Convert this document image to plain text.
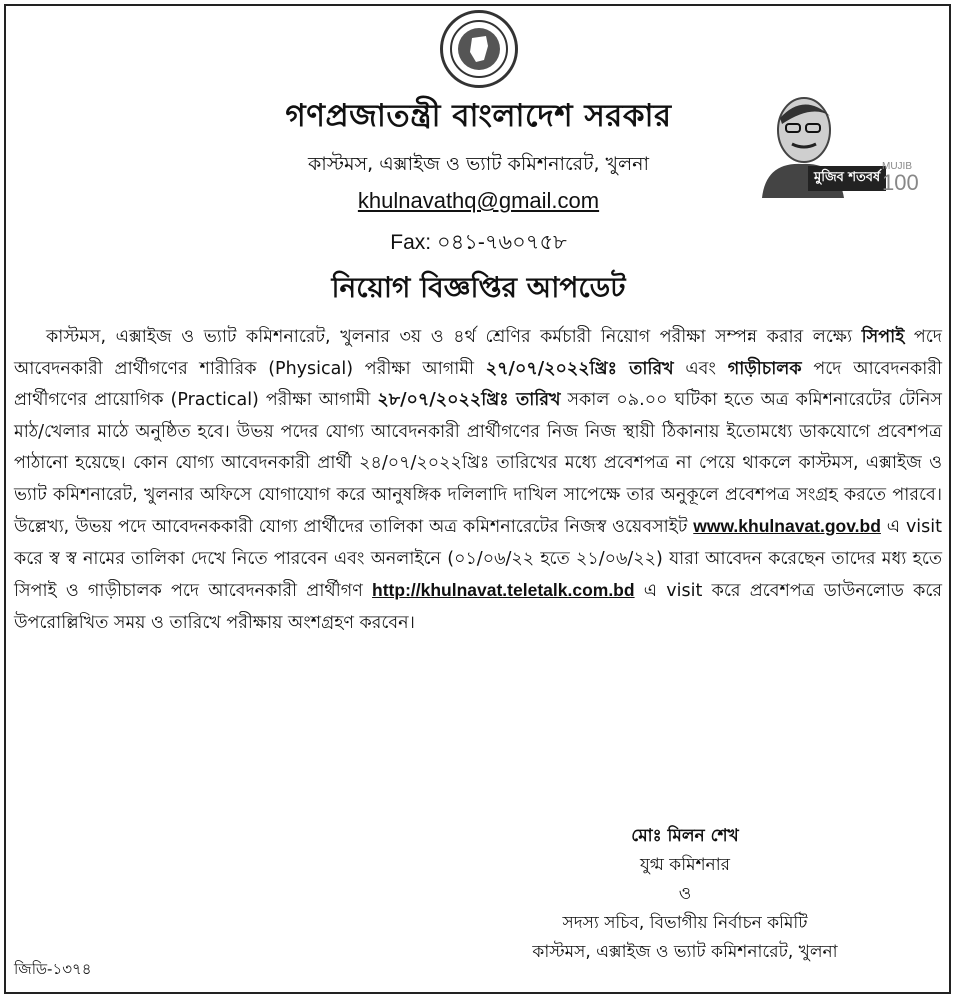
গণপ্রজাতন্ত্রী বাংলাদেশ সরকার
কাস্টমস, এক্সাইজ ও ভ্যাট কমিশনারেট, খুলনা
khulnavathq@gmail.com
Fax: ০৪১-৭৬০৭৫৮
মুজিব শতবর্ষ
MUJIB
100
নিয়োগ বিজ্ঞপ্তির আপডেট

কাস্টমস, এক্সাইজ ও ভ্যাট কমিশনারেট, খুলনার ৩য় ও ৪র্থ শ্রেণির কর্মচারী নিয়োগ পরীক্ষা সম্পন্ন করার লক্ষ্যে সিপাই পদে আবেদনকারী প্রার্থীগণের শারীরিক (Physical) পরীক্ষা আগামী ২৭/০৭/২০২২খ্রিঃ তারিখ এবং গাড়ীচালক পদে আবেদনকারী প্রার্থীগণের প্রায়োগিক (Practical) পরীক্ষা আগামী ২৮/০৭/২০২২খ্রিঃ তারিখ সকাল ০৯.০০ ঘটিকা হতে অত্র কমিশনারেটের টেনিস মাঠ/খেলার মাঠে অনুষ্ঠিত হবে। উভয় পদের যোগ্য আবেদনকারী প্রার্থীগণের নিজ নিজ স্থায়ী ঠিকানায় ইতোমধ্যে ডাকযোগে প্রবেশপত্র পাঠানো হয়েছে। কোন যোগ্য আবেদনকারী প্রার্থী ২৪/০৭/২০২২খ্রিঃ তারিখের মধ্যে প্রবেশপত্র না পেয়ে থাকলে কাস্টমস, এক্সাইজ ও ভ্যাট কমিশনারেট, খুলনার অফিসে যোগাযোগ করে আনুষঙ্গিক দলিলাদি দাখিল সাপেক্ষে তার অনুকূলে প্রবেশপত্র সংগ্রহ করতে পারবে। উল্লেখ্য, উভয় পদে আবেদনককারী যোগ্য প্রার্থীদের তালিকা অত্র কমিশনারেটের নিজস্ব ওয়েবসাইট www.khulnavat.gov.bd এ visit করে স্ব স্ব নামের তালিকা দেখে নিতে পারবেন এবং অনলাইনে (০১/০৬/২২ হতে ২১/০৬/২২) যারা আবেদন করেছেন তাদের মধ্য হতে সিপাই ও গাড়ীচালক পদে আবেদনকারী প্রার্থীগণ http://khulnavat.teletalk.com.bd এ visit করে প্রবেশপত্র ডাউনলোড করে উপরোল্লিখিত সময় ও তারিখে পরীক্ষায় অংশগ্রহণ করবেন।

মোঃ মিলন শেখ
যুগ্ম কমিশনার
ও
সদস্য সচিব, বিভাগীয় নির্বাচন কমিটি
কাস্টমস, এক্সাইজ ও ভ্যাট কমিশনারেট, খুলনা
জিডি-১৩৭৪
